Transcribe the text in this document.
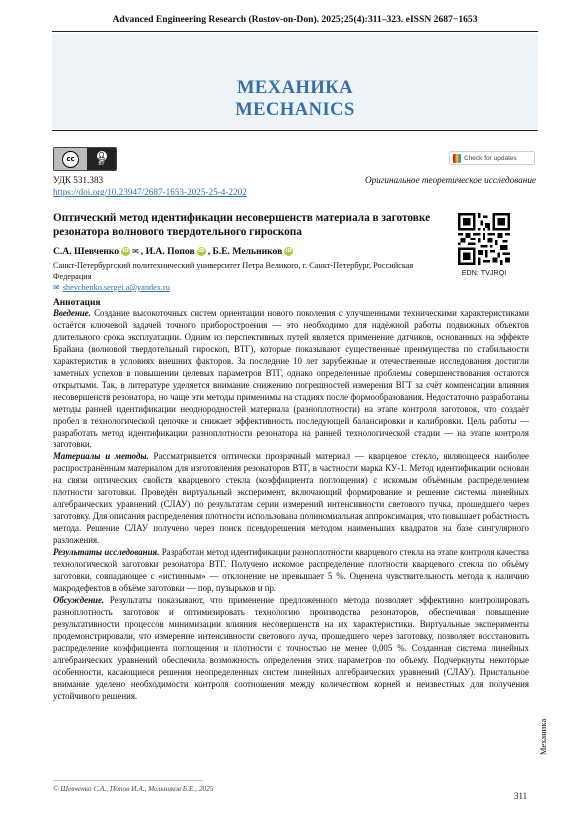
Advanced Engineering Research (Rostov-on-Don). 2025;25(4):311–323. eISSN 2687−1653
МЕХАНИКА
MECHANICS
cc	👤︎
BY
Check for updates
УДК 531.383	Оригинальное теоретическое исследование
https://doi.org/10.23947/2687-1653-2025-25-4-2202
Оптический метод идентификации несовершенств материала в заготовке резонатора волнового твердотельного гироскопа
С.А. Шевченко iD ✉ , И.А. Попов iD , Б.Е. Мельников iD
Санкт-Петербургский политехнический университет Петра Великого, г. Санкт-Петербург, Российская Федерация
✉ shevchenko.sergei.a@yandex.ru
EDN: TVJRQI
Аннотация

Введение. Создание высокоточных систем ориентации нового поколения с улучшенными техническими характеристиками остаётся ключевой задачей точного приборостроения — это необходимо для надёжной работы подвижных объектов длительного срока эксплуатации. Одним из перспективных путей является применение датчиков, основанных на эффекте Брайана (волновой твердотельный гироскоп, ВТГ), которые показывают существенные преимущества по стабильности характеристик в условиях внешних факторов. За последние 10 лет зарубежные и отечественные исследования достигли заметных успехов в повышении целевых параметров ВТГ, однако определенные проблемы совершенствования остаются открытыми. Так, в литературе уделяется внимание снижению погрешностей измерения ВГТ за счёт компенсации влияния несовершенств резонатора, но чаще эти методы применимы на стадиях после формообразования. Недостаточно разработаны методы ранней идентификации неоднородностей материала (разноплотности) на этапе контроля заготовок, что создаёт пробел в технологической цепочке и снижает эффективность последующей балансировки и калибровки. Цель работы — разработать метод идентификации разноплотности резонатора на ранней технологической стадии — на этапе контроля заготовки.

Материалы и методы. Рассматривается оптически прозрачный материал — кварцевое стекло, являющееся наиболее распространённым материалом для изготовления резонаторов ВТГ, в частности марка КУ-1. Метод идентификации основан на связи оптических свойств кварцевого стекла (коэффициента поглощения) с искомым объёмным распределением плотности заготовки. Проведён виртуальный эксперимент, включающий формирование и решение системы линейных алгебраических уравнений (СЛАУ) по результатам серии измерений интенсивности светового пучка, прошедшего через заготовку. Для описания распределения плотности использована полиномиальная аппроксимация, что повышает робастность метода. Решение СЛАУ получено через поиск псевдорешения методом наименьших квадратов на базе сингулярного разложения.

Результаты исследования. Разработан метод идентификации разноплотности кварцевого стекла на этапе контроля качества технологической заготовки резонатора ВТГ. Получено искомое распределение плотности кварцевого стекла по объёму заготовки, совпадающее с «истинным» — отклонение не превышает 5 %. Оценена чувствительность метода к наличию макродефектов в объёме заготовки — пор, пузырьков и пр.

Обсуждение. Результаты показывают, что применение предложенного метода позволяет эффективно контролировать разноплотность заготовок и оптимизировать технологию производства резонаторов, обеспечивая повышение результативности процессов минимизации влияния несовершенств на их характеристики. Виртуальные эксперименты продемонстрировали, что измерение интенсивности светового луча, прошедшего через заготовку, позволяет восстановить распределение коэффициента поглощения и плотности с точностью не менее 0,005 %. Созданная система линейных алгебраических уравнений обеспечила возможность определения этих параметров по объему. Подчеркнуты некоторые особенности, касающиеся решения неопределенных систем линейных алгебраических уравнений (СЛАУ). Пристальное внимание уделено необходимости контроля соотношения между количеством корней и неизвестных для получения устойчивого решения.

Механика
© Шевченко С.А., Попов И.А., Мельников Б.Е., 2025
311
